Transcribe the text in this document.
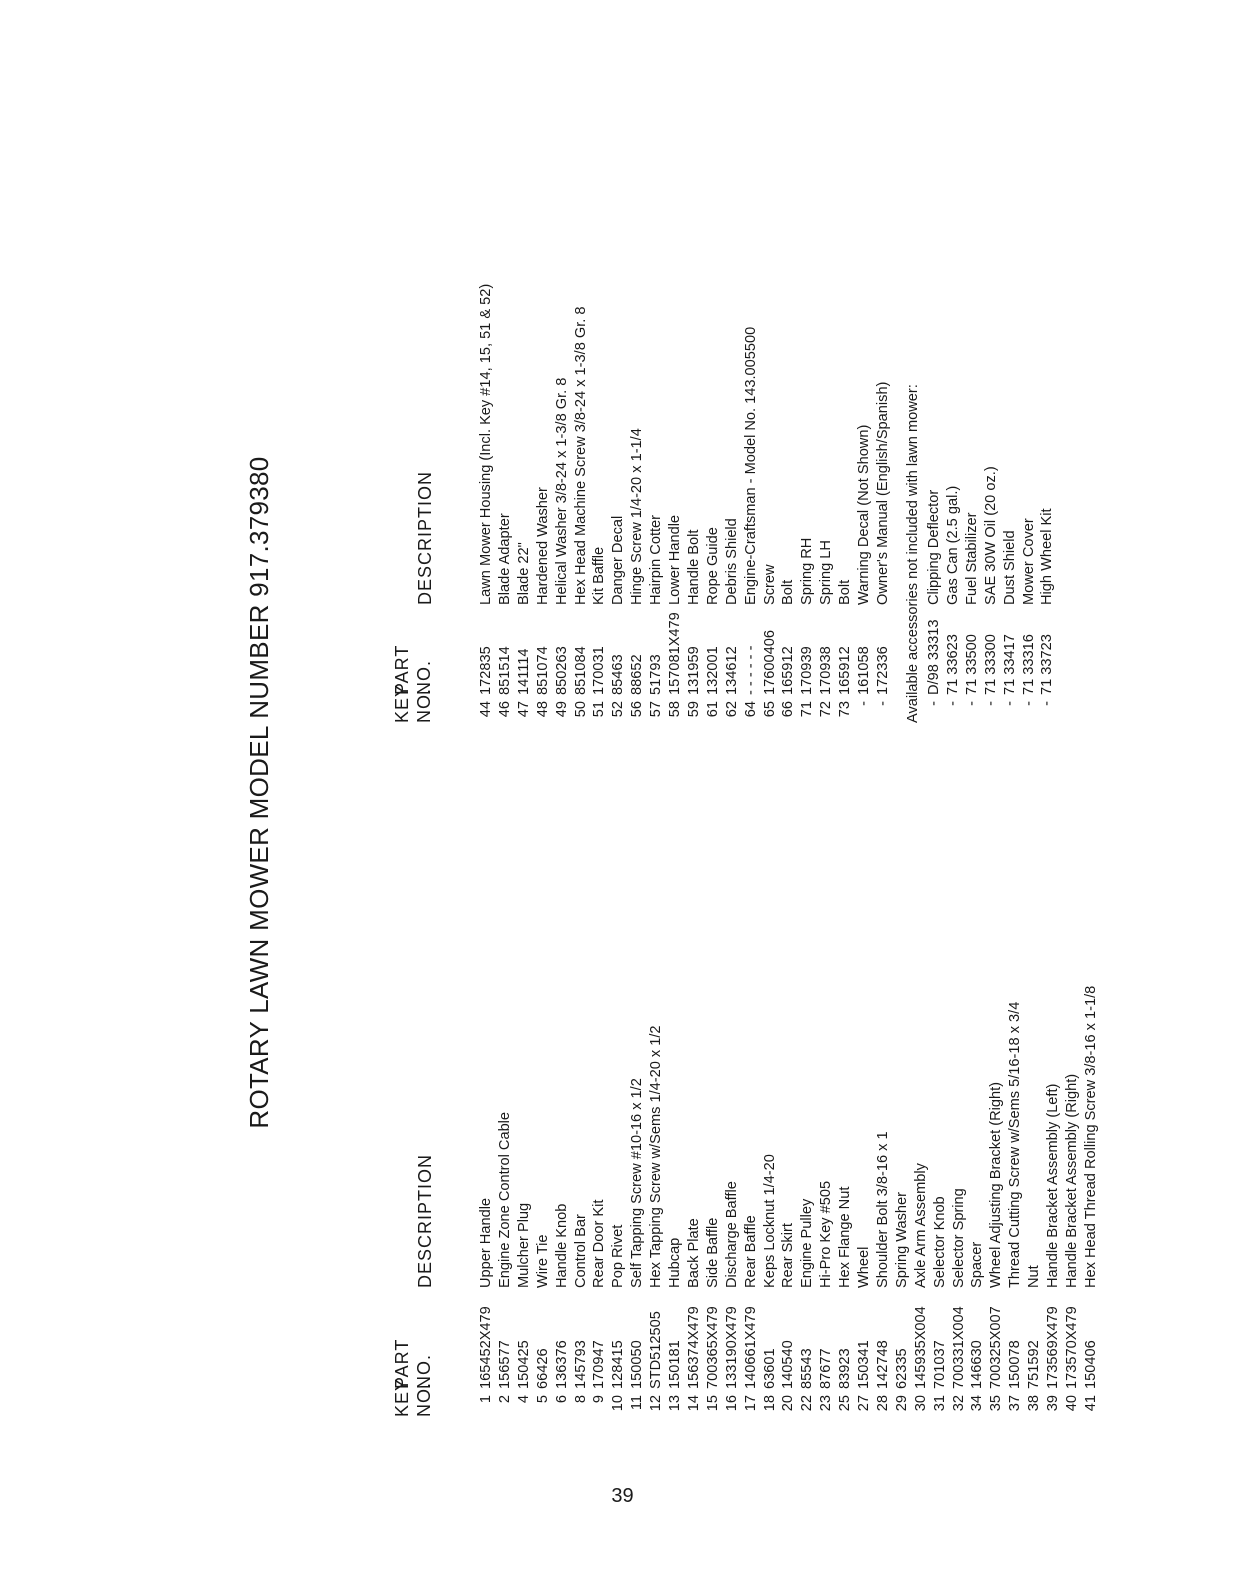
ROTARY LAWN MOWER MODEL NUMBER 917.379380
KEY NO.
PART NO.
DESCRIPTION
1 2 4 5 6 8 9 10 11 12 13 14 15 16 17 18 20 22 23 25 27 28 29 30 31 32 34 35 37 38 39 40 41
165452X479 156577 150425 66426 136376 145793 170947 128415 150050 STD512505 150181 156374X479 700365X479 133190X479 140661X479 63601 140540 85543 87677 83923 150341 142748 62335 145935X004 701037 700331X004 146630 700325X007 150078 751592 173569X479 173570X479 150406
Upper Handle Engine Zone Control Cable Mulcher Plug Wire Tie Handle Knob Control Bar Rear Door Kit Pop Rivet Self Tapping Screw #10-16 x 1/2 Hex Tapping Screw w/Sems 1/4-20 x 1/2 Hubcap Back Plate Side Baffle Discharge Baffle Rear Baffle Keps Locknut 1/4-20 Rear Skirt Engine Pulley Hi-Pro Key #505 Hex Flange Nut Wheel Shoulder Bolt 3/8-16 x 1 Spring Washer Axle Arm Assembly Selector Knob Selector Spring Spacer Wheel Adjusting Bracket (Right) Thread Cutting Screw w/Sems 5/16-18 x 3/4 Nut Handle Bracket Assembly (Left) Handle Bracket Assembly (Right) Hex Head Thread Rolling Screw 3/8-16 x 1-1/8
KEY NO.
PART NO.
DESCRIPTION
44 46 47 48 49 50 51 52 56 57 58 59 61 62 64 65 66 71 72 73 - -
172835 851514 141114 851074 850263 851084 170031 85463 88652 51793 157081X479 131959 132001 134612 - - - - - - 17600406 165912 170939 170938 165912 161058 172336
Lawn Mower Housing (Incl. Key #14, 15, 51 & 52) Blade Adapter Blade 22" Hardened Washer Helical Washer 3/8-24 x 1-3/8 Gr. 8 Hex Head Machine Screw 3/8-24 x 1-3/8 Gr. 8 Kit Baffle Danger Decal Hinge Screw 1/4-20 x 1-1/4 Hairpin Cotter Lower Handle Handle Bolt Rope Guide Debris Shield Engine-Craftsman - Model No. 143.005500 Screw Bolt Spring RH Spring LH Bolt Warning Decal (Not Shown) Owner's Manual (English/Spanish) Available accessories not included with lawn mower: - - - - - - -
D/98 33313 71 33623 71 33500 71 33300 71 33417 71 33316 71 33723
Clipping Deflector Gas Can (2.5 gal.) Fuel Stabilizer SAE 30W Oil (20 oz.) Dust Shield Mower Cover High Wheel Kit
39
